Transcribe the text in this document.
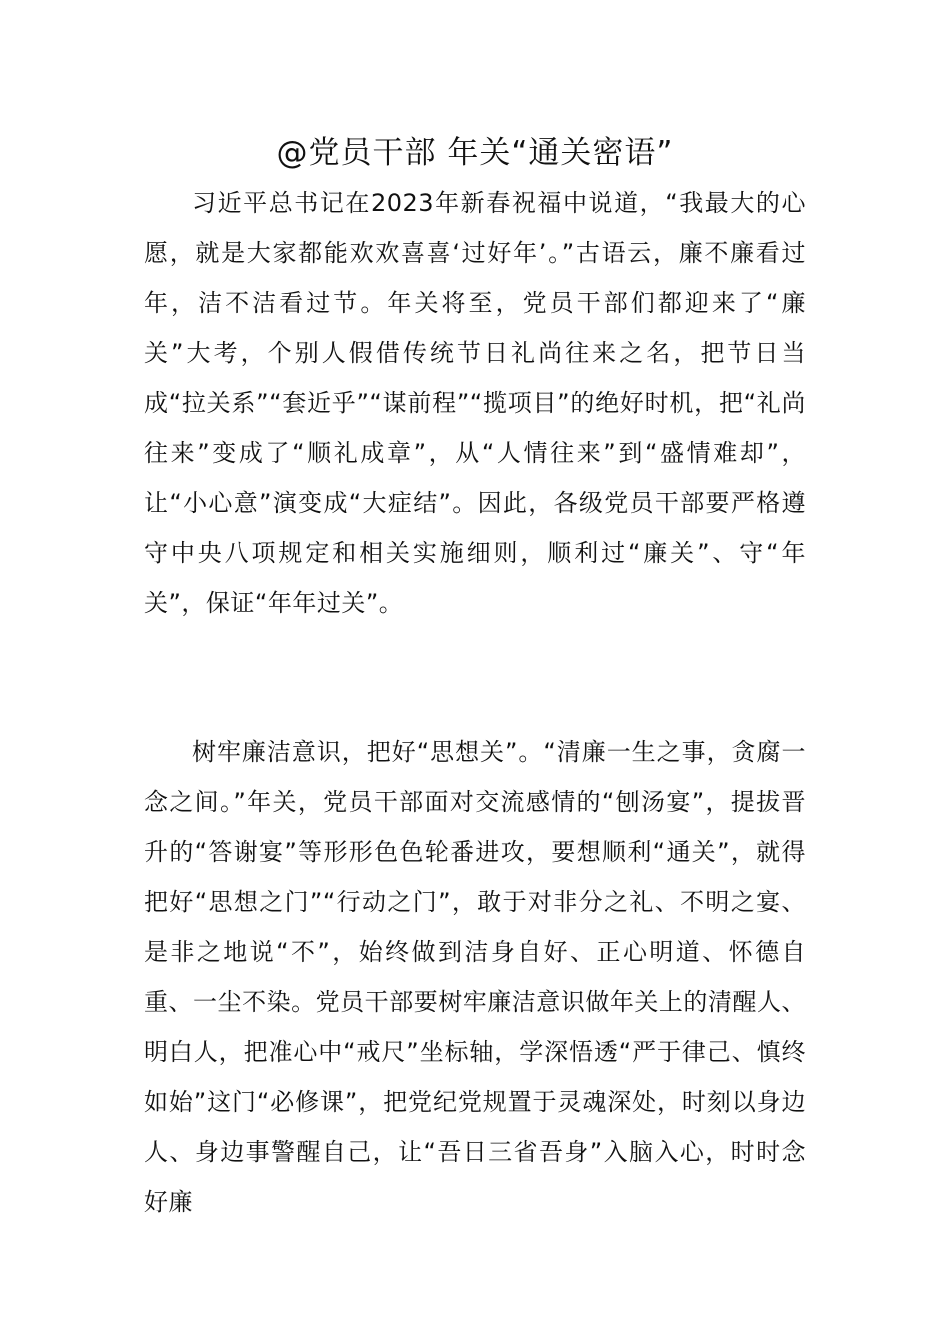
@党员干部 年关“通关密语”

习近平总书记在2023年新春祝福中说道，“我最大的心愿，就是大家都能欢欢喜喜‘过好年’。”古语云，廉不廉看过年，洁不洁看过节。年关将至，党员干部们都迎来了“廉关”大考，个别人假借传统节日礼尚往来之名，把节日当成“拉关系”“套近乎”“谋前程”“揽项目”的绝好时机，把“礼尚往来”变成了“顺礼成章”，从“人情往来”到“盛情难却”，让“小心意”演变成“大症结”。因此，各级党员干部要严格遵守中央八项规定和相关实施细则，顺利过“廉关”、守“年关”，保证“年年过关”。

树牢廉洁意识，把好“思想关”。“清廉一生之事，贪腐一念之间。”年关，党员干部面对交流感情的“刨汤宴”，提拔晋升的“答谢宴”等形形色色轮番进攻，要想顺利“通关”，就得把好“思想之门”“行动之门”，敢于对非分之礼、不明之宴、是非之地说“不”，始终做到洁身自好、正心明道、怀德自重、一尘不染。党员干部要树牢廉洁意识做年关上的清醒人、明白人，把准心中“戒尺”坐标轴，学深悟透“严于律己、慎终如始”这门“必修课”，把党纪党规置于灵魂深处，时刻以身边人、身边事警醒自己，让“吾日三省吾身”入脑入心，时时念好廉
